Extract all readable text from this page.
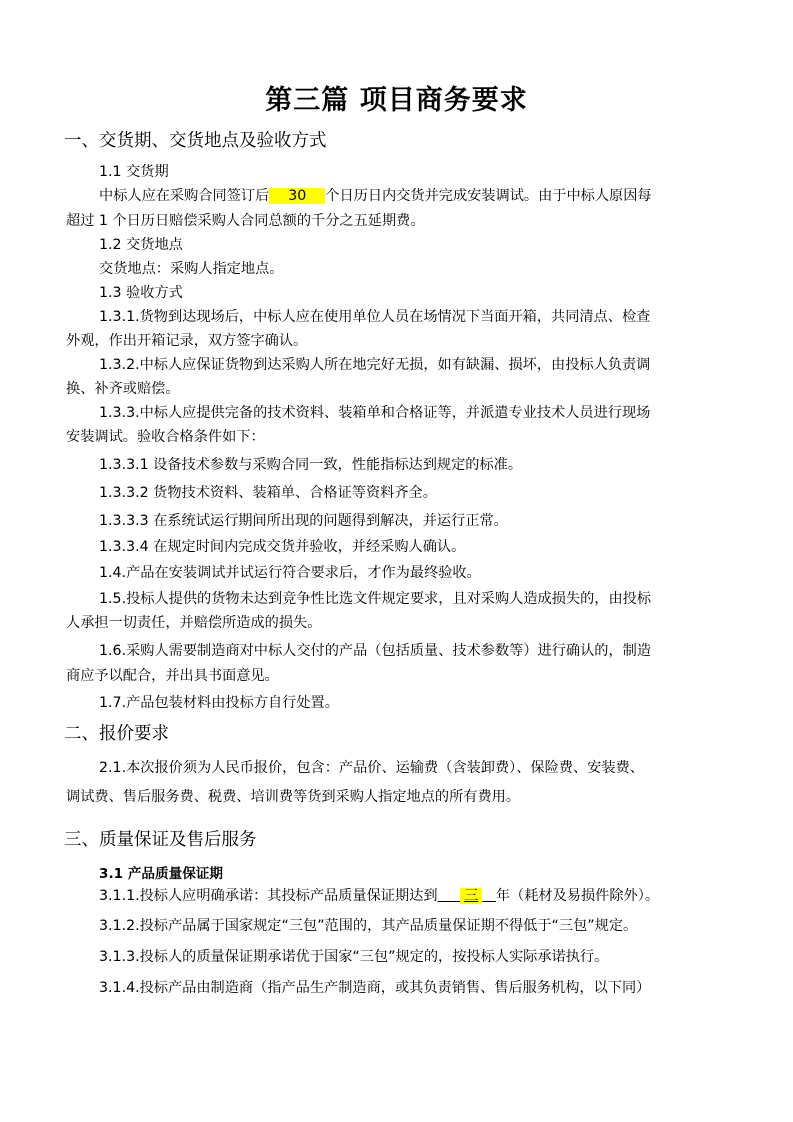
第三篇 项目商务要求
一、交货期、交货地点及验收方式
1.1 交货期
中标人应在采购合同签订后 30 个日历日内交货并完成安装调试。由于中标人原因每
超过 1 个日历日赔偿采购人合同总额的千分之五延期费。
1.2 交货地点
交货地点：采购人指定地点。
1.3 验收方式
1.3.1.货物到达现场后，中标人应在使用单位人员在场情况下当面开箱，共同清点、检查
外观，作出开箱记录，双方签字确认。
1.3.2.中标人应保证货物到达采购人所在地完好无损，如有缺漏、损坏，由投标人负责调
换、补齐或赔偿。
1.3.3.中标人应提供完备的技术资料、装箱单和合格证等，并派遣专业技术人员进行现场
安装调试。验收合格条件如下：
1.3.3.1 设备技术参数与采购合同一致，性能指标达到规定的标准。
1.3.3.2 货物技术资料、装箱单、合格证等资料齐全。
1.3.3.3 在系统试运行期间所出现的问题得到解决，并运行正常。
1.3.3.4 在规定时间内完成交货并验收，并经采购人确认。
1.4.产品在安装调试并试运行符合要求后，才作为最终验收。
1.5.投标人提供的货物未达到竞争性比选文件规定要求，且对采购人造成损失的，由投标
人承担一切责任，并赔偿所造成的损失。
1.6.采购人需要制造商对中标人交付的产品（包括质量、技术参数等）进行确认的，制造
商应予以配合，并出具书面意见。
1.7.产品包装材料由投标方自行处置。
二、报价要求
2.1.本次报价须为人民币报价，包含：产品价、运输费（含装卸费）、保险费、安装费、
调试费、售后服务费、税费、培训费等货到采购人指定地点的所有费用。
三、质量保证及售后服务
3.1 产品质量保证期
3.1.1.投标人应明确承诺：其投标产品质量保证期达到 三 年（耗材及易损件除外）。
3.1.2.投标产品属于国家规定“三包”范围的，其产品质量保证期不得低于“三包”规定。
3.1.3.投标人的质量保证期承诺优于国家“三包”规定的，按投标人实际承诺执行。
3.1.4.投标产品由制造商（指产品生产制造商，或其负责销售、售后服务机构，以下同）
